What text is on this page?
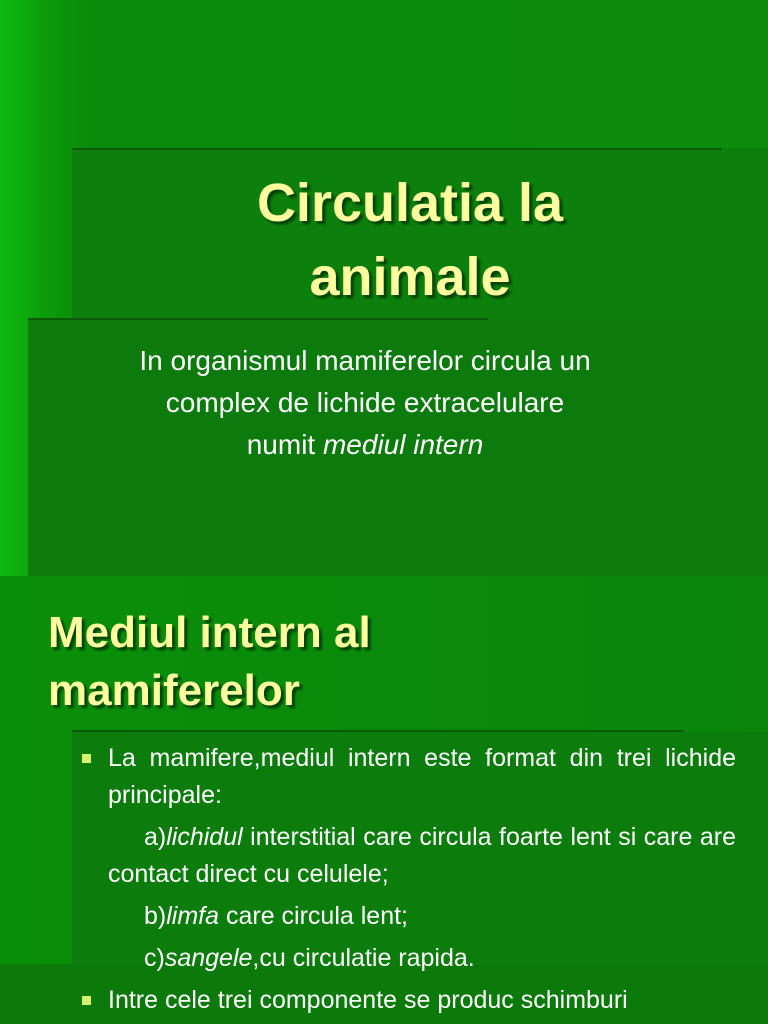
Circulatia la
animale
In organismul mamiferelor circula un
complex de lichide extracelulare
numit mediul intern
Mediul intern al
mamiferelor
La mamifere,mediul intern este format din trei lichide principale:
a)lichidul interstitial care circula foarte lent si care are contact direct cu celulele;
b)limfa care circula lent;
c)sangele,cu circulatie rapida.
Intre cele trei componente se produc schimburi
